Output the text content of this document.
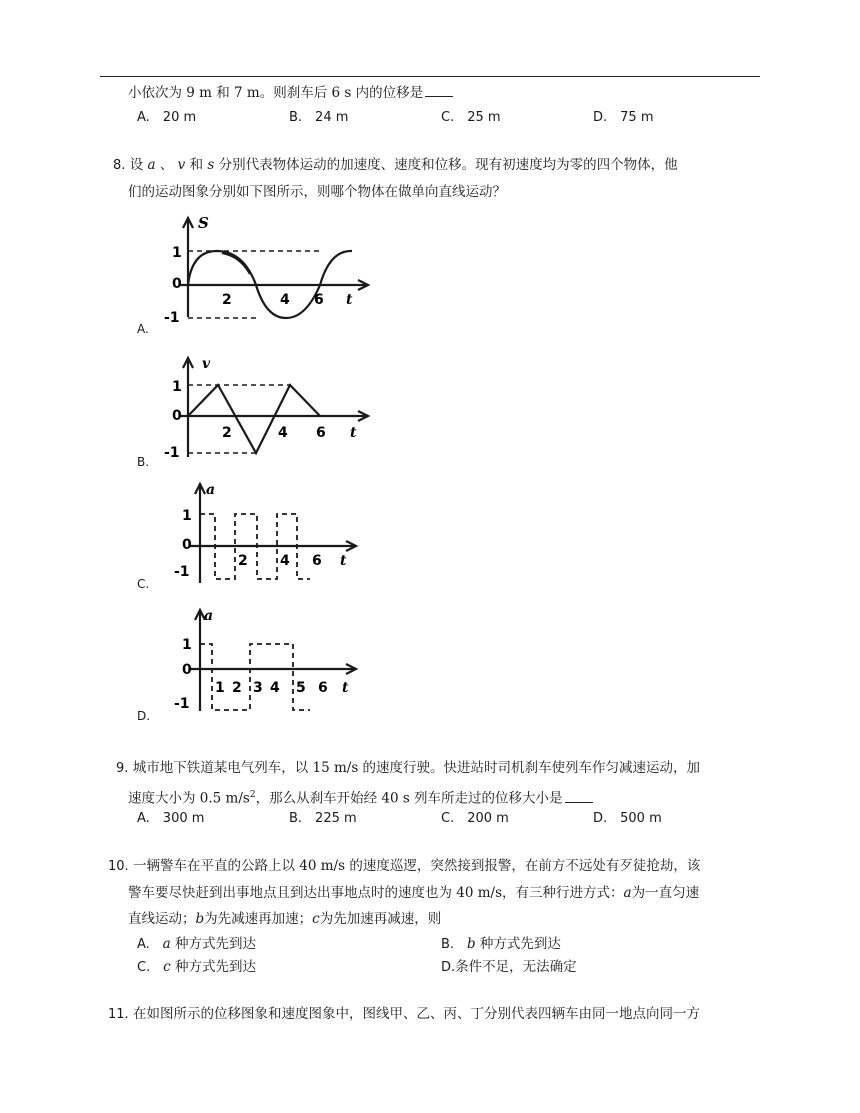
小依次为 9 m 和 7 m。则刹车后 6 s 内的位移是
A.　20 m	B.　24 m	C.　25 m	D.　75 m
8. 设 a 、 v 和 s 分别代表物体运动的加速度、速度和位移。现有初速度均为零的四个物体，他
们的运动图象分别如下图所示，则哪个物体在做单向直线运动？
A.
1
0
-1
2	4 6
S
t
B.
1
0
-1
2	4 6
v
t
C.
1
0
-1
2 4 6
a
t
D.
1
0
-1
1 2 3 4 5 6
a
t
9. 城市地下铁道某电气列车，以 15 m/s 的速度行驶。快进站时司机刹车使列车作匀减速运动，加
速度大小为 0.5 $m/s^2$，那么从刹车开始经 40 s 列车所走过的位移大小是
A.　300 m	B.　225 m	C.　200 m	D.　500 m
10. 一辆警车在平直的公路上以 40 m/s 的速度巡逻，突然接到报警，在前方不远处有歹徒抢劫，该
警车要尽快赶到出事地点且到达出事地点时的速度也为 40 m/s，有三种行进方式：a为一直匀速
直线运动；b为先减速再加速；c为先加速再减速，则
A. a 种方式先到达	B. b 种方式先到达
C. c 种方式先到达	D.条件不足，无法确定
11. 在如图所示的位移图象和速度图象中，图线甲、乙、丙、丁分别代表四辆车由同一地点向同一方
